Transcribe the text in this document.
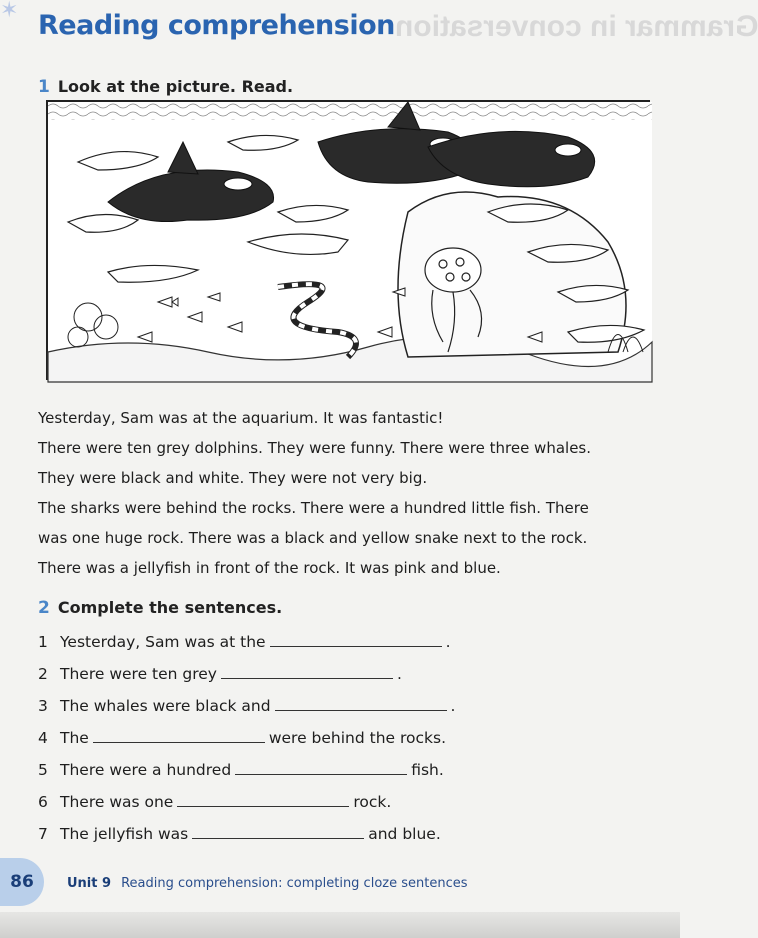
Grammar in conversation
✶ Reading comprehension
1 Look at the picture. Read.

Yesterday, Sam was at the aquarium. It was fantastic!

There were ten grey dolphins. They were funny. There were three whales.

They were black and white. They were not very big.

The sharks were behind the rocks. There were a hundred little fish. There

was one huge rock. There was a black and yellow snake next to the rock.

There was a jellyfish in front of the rock. It was pink and blue.

2 Complete the sentences.
1 Yesterday, Sam was at the	.
2 There were ten grey	.
3 The whales were black and	.
4 The	were behind the rocks.
5 There were a hundred	fish.
6 There was one	rock.
7 The jellyfish was	and blue.
86	Unit 9 Reading comprehension: completing cloze sentences
